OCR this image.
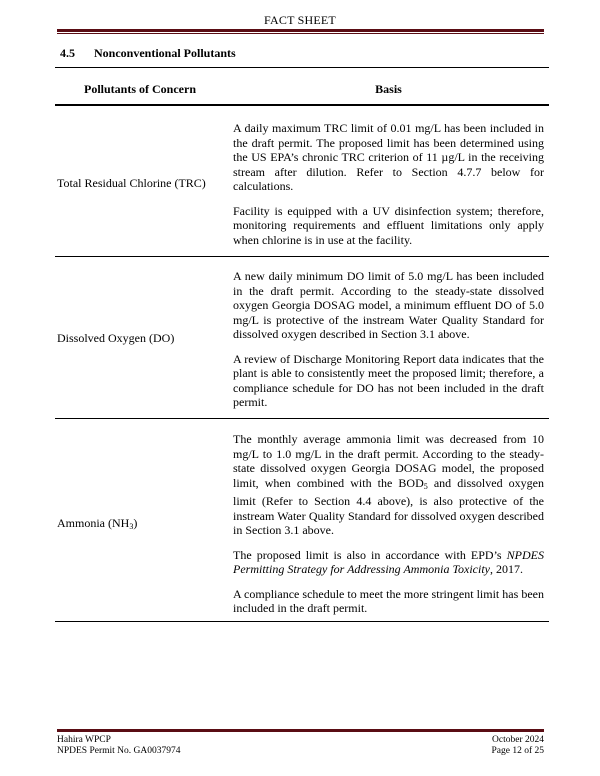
FACT SHEET
4.5 Nonconventional Pollutants
Pollutants of Concern	Basis
Total Residual Chlorine (TRC)

A daily maximum TRC limit of 0.01 mg/L has been included in the draft permit. The proposed limit has been determined using the US EPA’s chronic TRC criterion of 11 µg/L in the receiving stream after dilution. Refer to Section 4.7.7 below for calculations.

Facility is equipped with a UV disinfection system; therefore, monitoring requirements and effluent limitations only apply when chlorine is in use at the facility.

Dissolved Oxygen (DO)

A new daily minimum DO limit of 5.0 mg/L has been included in the draft permit. According to the steady-state dissolved oxygen Georgia DOSAG model, a minimum effluent DO of 5.0 mg/L is protective of the instream Water Quality Standard for dissolved oxygen described in Section 3.1 above.

A review of Discharge Monitoring Report data indicates that the plant is able to consistently meet the proposed limit; therefore, a compliance schedule for DO has not been included in the draft permit.

Ammonia $(NH_3)$

The monthly average ammonia limit was decreased from 10 mg/L to 1.0 mg/L in the draft permit. According to the steady-state dissolved oxygen Georgia DOSAG model, the proposed limit, when combined with the $BOD_5$ and dissolved oxygen limit (Refer to Section 4.4 above), is also protective of the instream Water Quality Standard for dissolved oxygen described in Section 3.1 above.

The proposed limit is also in accordance with EPD’s NPDES Permitting Strategy for Addressing Ammonia Toxicity, 2017.

A compliance schedule to meet the more stringent limit has been included in the draft permit.

Hahira WPCP
NPDES Permit No. GA0037974
October 2024
Page 12 of 25
